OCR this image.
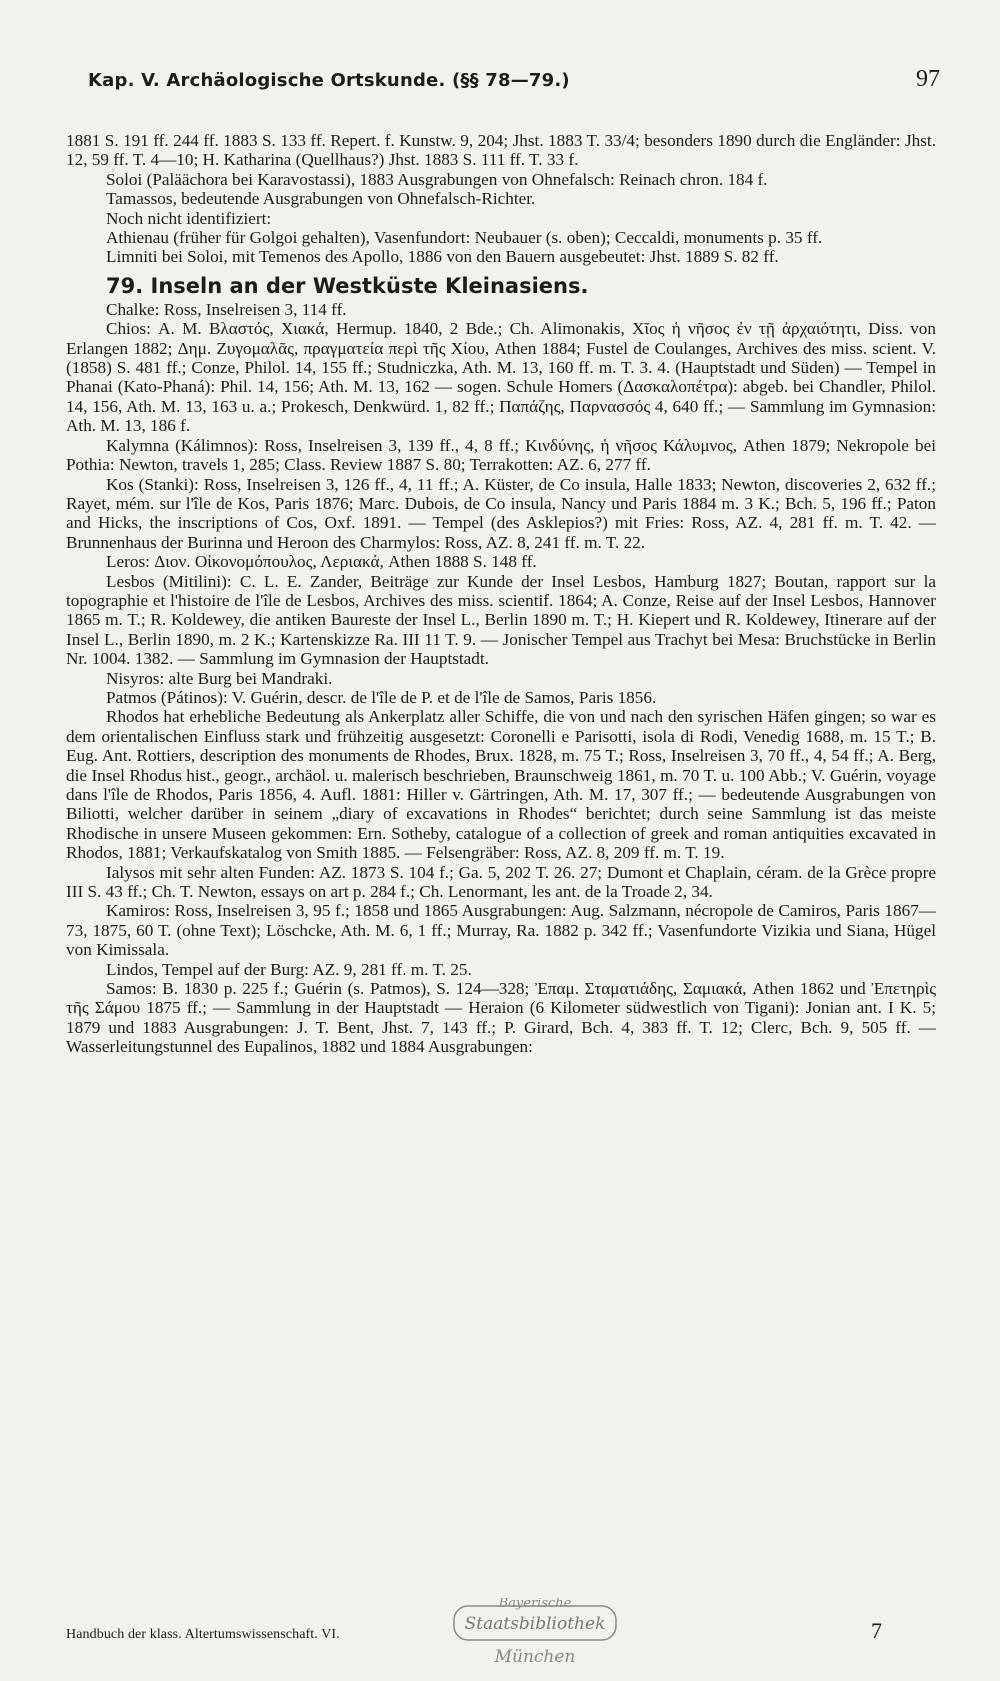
Kap. V. Archäologische Ortskunde. (§§ 78—79.)	97

1881 S. 191 ff. 244 ff. 1883 S. 133 ff. Repert. f. Kunstw. 9, 204; Jhst. 1883 T. 33/4; besonders 1890 durch die Engländer: Jhst. 12, 59 ff. T. 4—10; H. Katharina (Quellhaus?) Jhst. 1883 S. 111 ff. T. 33 f.

Soloi (Paläächora bei Karavostassi), 1883 Ausgrabungen von Ohnefalsch: Reinach chron. 184 f.

Tamassos, bedeutende Ausgrabungen von Ohnefalsch-Richter.

Noch nicht identifiziert:

Athienau (früher für Golgoi gehalten), Vasenfundort: Neubauer (s. oben); Ceccaldi, monuments p. 35 ff.

Limniti bei Soloi, mit Temenos des Apollo, 1886 von den Bauern ausgebeutet: Jhst. 1889 S. 82 ff.

79. Inseln an der Westküste Kleinasiens.

Chalke: Ross, Inselreisen 3, 114 ff.

Chios: Α. Μ. Βλαστός, Χιακά, Hermup. 1840, 2 Bde.; Ch. Alimonakis, Χῖος ἡ νῆσος ἐν τῇ ἀρχαιότητι, Diss. von Erlangen 1882; Δημ. Ζυγομαλᾶς, πραγματεία περὶ τῆς Χίου, Athen 1884; Fustel de Coulanges, Archives des miss. scient. V. (1858) S. 481 ff.; Conze, Philol. 14, 155 ff.; Studniczka, Ath. M. 13, 160 ff. m. T. 3. 4. (Hauptstadt und Süden) — Tempel in Phanai (Kato-Phaná): Phil. 14, 156; Ath. M. 13, 162 — sogen. Schule Homers (Δασκαλοπέτρα): abgeb. bei Chandler, Philol. 14, 156, Ath. M. 13, 163 u. a.; Prokesch, Denkwürd. 1, 82 ff.; Παπάζης, Παρνασσός 4, 640 ff.; — Sammlung im Gymnasion: Ath. M. 13, 186 f.

Kalymna (Kálimnos): Ross, Inselreisen 3, 139 ff., 4, 8 ff.; Κινδύνης, ἡ νῆσος Κάλυμνος, Athen 1879; Nekropole bei Pothia: Newton, travels 1, 285; Class. Review 1887 S. 80; Terrakotten: AZ. 6, 277 ff.

Kos (Stanki): Ross, Inselreisen 3, 126 ff., 4, 11 ff.; A. Küster, de Co insula, Halle 1833; Newton, discoveries 2, 632 ff.; Rayet, mém. sur l'île de Kos, Paris 1876; Marc. Dubois, de Co insula, Nancy und Paris 1884 m. 3 K.; Bch. 5, 196 ff.; Paton and Hicks, the inscriptions of Cos, Oxf. 1891. — Tempel (des Asklepios?) mit Fries: Ross, AZ. 4, 281 ff. m. T. 42. — Brunnenhaus der Burinna und Heroon des Charmylos: Ross, AZ. 8, 241 ff. m. T. 22.

Leros: Διον. Οἰκονομόπουλος, Λεριακά, Athen 1888 S. 148 ff.

Lesbos (Mitilini): C. L. E. Zander, Beiträge zur Kunde der Insel Lesbos, Hamburg 1827; Boutan, rapport sur la topographie et l'histoire de l'île de Lesbos, Archives des miss. scientif. 1864; A. Conze, Reise auf der Insel Lesbos, Hannover 1865 m. T.; R. Koldewey, die antiken Baureste der Insel L., Berlin 1890 m. T.; H. Kiepert und R. Koldewey, Itinerare auf der Insel L., Berlin 1890, m. 2 K.; Kartenskizze Ra. III 11 T. 9. — Jonischer Tempel aus Trachyt bei Mesa: Bruchstücke in Berlin Nr. 1004. 1382. — Sammlung im Gymnasion der Hauptstadt.

Nisyros: alte Burg bei Mandraki.

Patmos (Pátinos): V. Guérin, descr. de l'île de P. et de l'île de Samos, Paris 1856.

Rhodos hat erhebliche Bedeutung als Ankerplatz aller Schiffe, die von und nach den syrischen Häfen gingen; so war es dem orientalischen Einfluss stark und frühzeitig ausgesetzt: Coronelli e Parisotti, isola di Rodi, Venedig 1688, m. 15 T.; B. Eug. Ant. Rottiers, description des monuments de Rhodes, Brux. 1828, m. 75 T.; Ross, Inselreisen 3, 70 ff., 4, 54 ff.; A. Berg, die Insel Rhodus hist., geogr., archäol. u. malerisch beschrieben, Braunschweig 1861, m. 70 T. u. 100 Abb.; V. Guérin, voyage dans l'île de Rhodos, Paris 1856, 4. Aufl. 1881: Hiller v. Gärtringen, Ath. M. 17, 307 ff.; — bedeutende Ausgrabungen von Biliotti, welcher darüber in seinem „diary of excavations in Rhodes“ berichtet; durch seine Sammlung ist das meiste Rhodische in unsere Museen gekommen: Ern. Sotheby, catalogue of a collection of greek and roman antiquities excavated in Rhodos, 1881; Verkaufskatalog von Smith 1885. — Felsengräber: Ross, AZ. 8, 209 ff. m. T. 19.

Ialysos mit sehr alten Funden: AZ. 1873 S. 104 f.; Ga. 5, 202 T. 26. 27; Dumont et Chaplain, céram. de la Grèce propre III S. 43 ff.; Ch. T. Newton, essays on art p. 284 f.; Ch. Lenormant, les ant. de la Troade 2, 34.

Kamiros: Ross, Inselreisen 3, 95 f.; 1858 und 1865 Ausgrabungen: Aug. Salzmann, nécropole de Camiros, Paris 1867—73, 1875, 60 T. (ohne Text); Löschcke, Ath. M. 6, 1 ff.; Murray, Ra. 1882 p. 342 ff.; Vasenfundorte Vizikia und Siana, Hügel von Kimissala.

Lindos, Tempel auf der Burg: AZ. 9, 281 ff. m. T. 25.

Samos: B. 1830 p. 225 f.; Guérin (s. Patmos), S. 124—328; Ἐπαμ. Σταματιάδης, Σαμιακά, Athen 1862 und Ἐπετηρὶς τῆς Σάμου 1875 ff.; — Sammlung in der Hauptstadt — Heraion (6 Kilometer südwestlich von Tigani): Jonian ant. I K. 5; 1879 und 1883 Ausgrabungen: J. T. Bent, Jhst. 7, 143 ff.; P. Girard, Bch. 4, 383 ff. T. 12; Clerc, Bch. 9, 505 ff. — Wasserleitungstunnel des Eupalinos, 1882 und 1884 Ausgrabungen:

Handbuch der klass. Altertumswissenschaft. VI.	7
Bayerische
Staatsbibliothek
München
